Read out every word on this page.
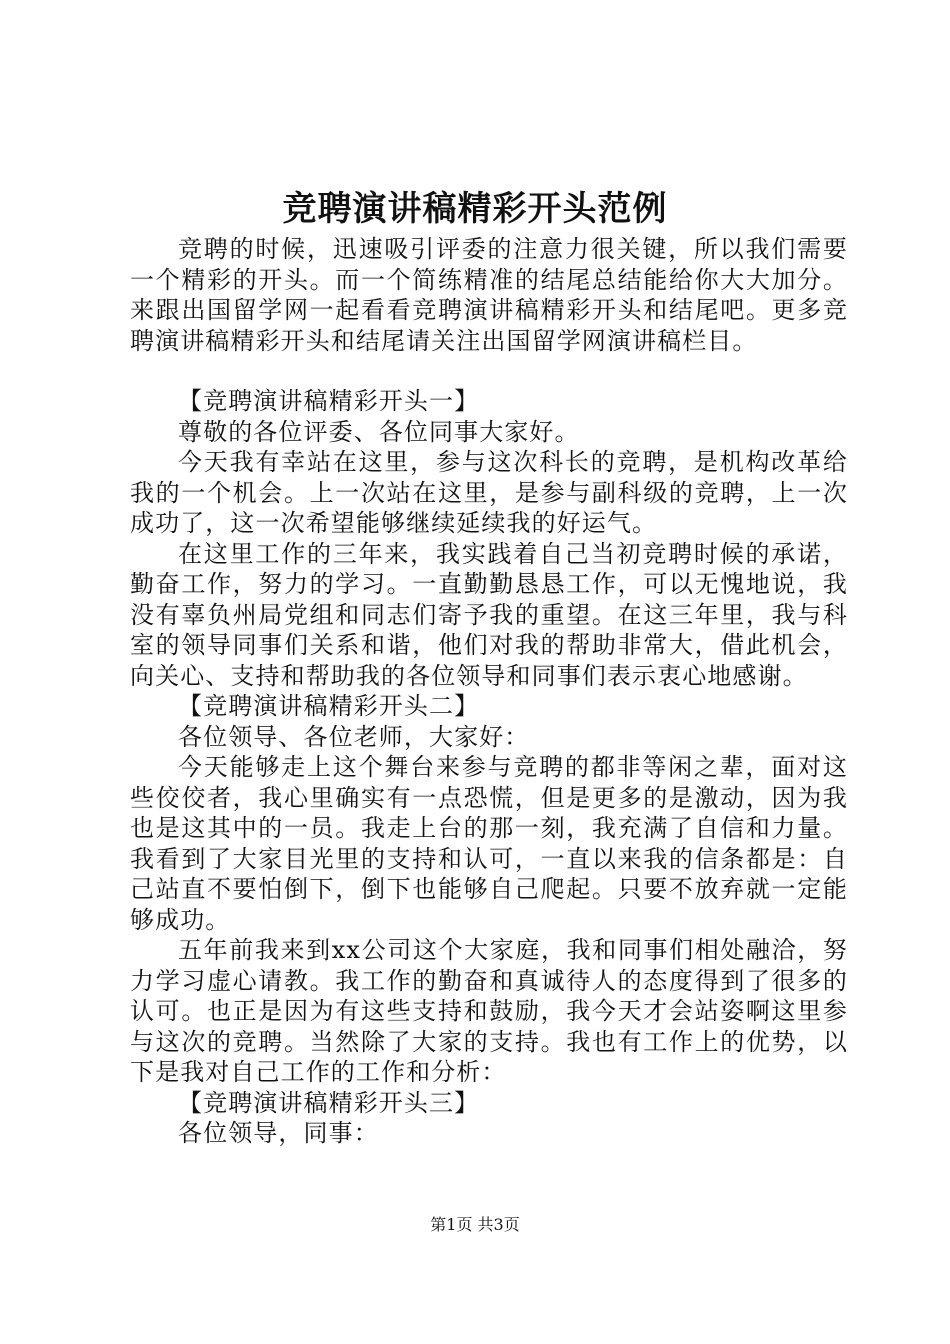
竞聘演讲稿精彩开头范例

竞聘的时候，迅速吸引评委的注意力很关键，所以我们需要一个精彩的开头。而一个简练精准的结尾总结能给你大大加分。来跟出国留学网一起看看竞聘演讲稿精彩开头和结尾吧。更多竞聘演讲稿精彩开头和结尾请关注出国留学网演讲稿栏目。

【竞聘演讲稿精彩开头一】

尊敬的各位评委、各位同事大家好。

今天我有幸站在这里，参与这次科长的竞聘，是机构改革给我的一个机会。上一次站在这里，是参与副科级的竞聘，上一次成功了，这一次希望能够继续延续我的好运气。

在这里工作的三年来，我实践着自己当初竞聘时候的承诺，勤奋工作，努力的学习。一直勤勤恳恳工作，可以无愧地说，我没有辜负州局党组和同志们寄予我的重望。在这三年里，我与科室的领导同事们关系和谐，他们对我的帮助非常大，借此机会，向关心、支持和帮助我的各位领导和同事们表示衷心地感谢。

【竞聘演讲稿精彩开头二】

各位领导、各位老师，大家好：

今天能够走上这个舞台来参与竞聘的都非等闲之辈，面对这些佼佼者，我心里确实有一点恐慌，但是更多的是激动，因为我也是这其中的一员。我走上台的那一刻，我充满了自信和力量。我看到了大家目光里的支持和认可，一直以来我的信条都是：自己站直不要怕倒下，倒下也能够自己爬起。只要不放弃就一定能够成功。

五年前我来到xx公司这个大家庭，我和同事们相处融洽，努力学习虚心请教。我工作的勤奋和真诚待人的态度得到了很多的认可。也正是因为有这些支持和鼓励，我今天才会站姿啊这里参与这次的竞聘。当然除了大家的支持。我也有工作上的优势，以下是我对自己工作的工作和分析：

【竞聘演讲稿精彩开头三】

各位领导，同事：

第1页 共3页
